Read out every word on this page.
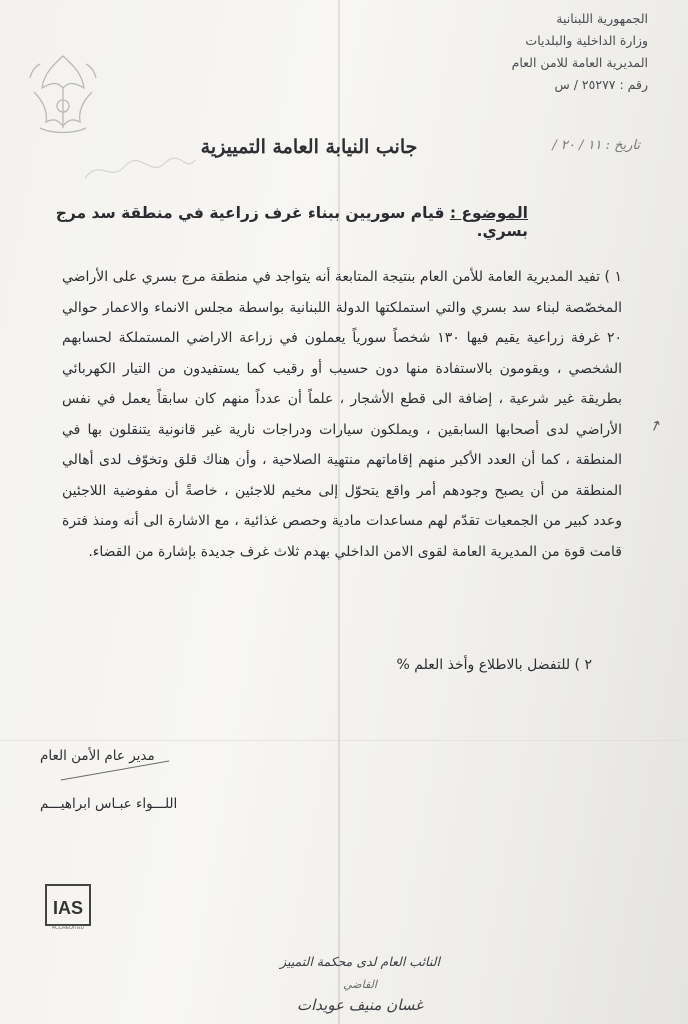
الجمهورية اللبنانية
وزارة الداخلية والبلديات
المديرية العامة للامن العام
رقم : ٢٥٢٧٧ / س
تاريخ : ١١ / ٢٠ /
جانب النيابة العامة التمييزية
الموضوع : قيام سوريين ببناء غرف زراعية في منطقة سد مرج بسري.

١ ) تفيد المديرية العامة للأمن العام بنتيجة المتابعة أنه يتواجد في منطقة مرج بسري على الأراضي المخصّصة لبناء سد بسري والتي استملكتها الدولة اللبنانية بواسطة مجلس الانماء والاعمار حوالي ٢٠ غرفة زراعية يقيم فيها ١٣٠ شخصاً سورياً يعملون في زراعة الاراضي المستملكة لحسابهم الشخصي ، ويقومون بالاستفادة منها دون حسيب أو رقيب كما يستفيدون من التيار الكهربائي بطريقة غير شرعية ، إضافة الى قطع الأشجار ، علماً أن عدداً منهم كان سابقاً يعمل في نفس الأراضي لدى أصحابها السابقين ، ويملكون سيارات ودراجات نارية غير قانونية يتنقلون بها في المنطقة ، كما أن العدد الأكبر منهم إقاماتهم منتهية الصلاحية ، وأن هناك قلق وتخوّف لدى أهالي المنطقة من أن يصبح وجودهم أمر واقع يتحوّل إلى مخيم للاجئين ، خاصةً أن مفوضية اللاجئين وعدد كبير من الجمعيات تقدّم لهم مساعدات مادية وحصص غذائية ، مع الاشارة الى أنه ومنذ فترة قامت قوة من المديرية العامة لقوى الامن الداخلي بهدم ثلاث غرف جديدة بإشارة من القضاء.

٢ ) للتفضل بالاطلاع وأخذ العلم %
↗
مدير عام الأمن العام
اللـــواء عبـاس ابراهيـــم
IAS
ACCREDITED
النائب العام لدى محكمة التمييز
القاضي
غسان منيف عويدات
